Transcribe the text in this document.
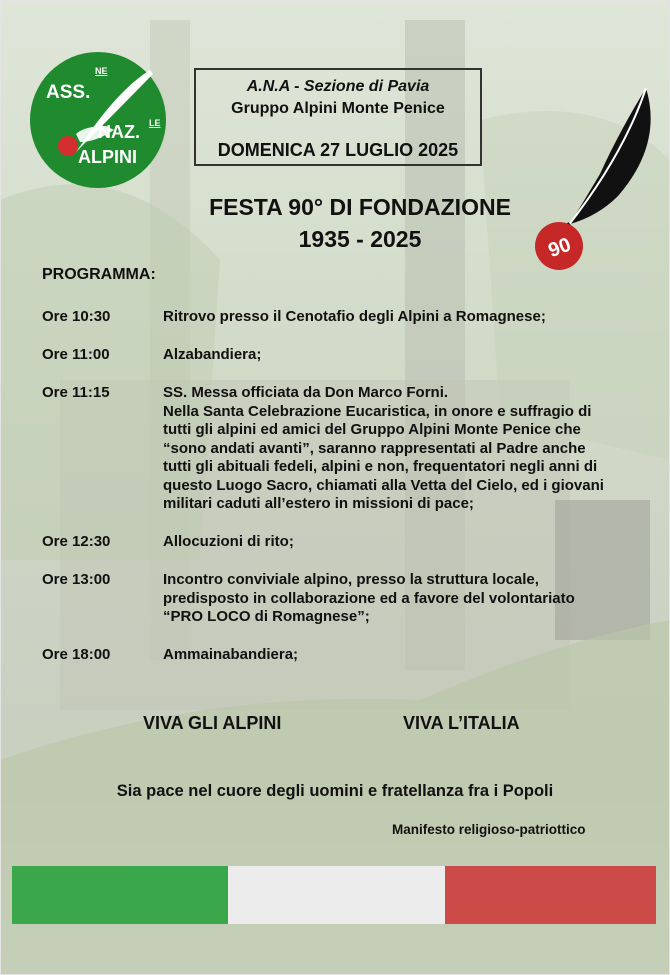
ASS.
NE
NAZ. LE
ALPINI
A.N.A - Sezione di Pavia
Gruppo Alpini Monte Penice
DOMENICA 27 LUGLIO 2025
FESTA 90° DI FONDAZIONE
1935 - 2025	90
PROGRAMMA:
Ore 10:30	Ritrovo presso il Cenotafio degli Alpini a Romagnese;
Ore 11:00	Alzabandiera;
Ore 11:15	SS. Messa officiata da Don Marco Forni.
Nella Santa Celebrazione Eucaristica, in onore e suffragio di
tutti gli alpini ed amici del Gruppo Alpini Monte Penice che
“sono andati avanti”, saranno rappresentati al Padre anche
tutti gli abituali fedeli, alpini e non, frequentatori negli anni di
questo Luogo Sacro, chiamati alla Vetta del Cielo, ed i giovani
militari caduti all’estero in missioni di pace;
Ore 12:30	Allocuzioni di rito;
Ore 13:00	Incontro conviviale alpino, presso la struttura locale,
predisposto in collaborazione ed a favore del volontariato
“PRO LOCO di Romagnese”;
Ore 18:00	Ammainabandiera;
VIVA GLI ALPINI	VIVA L’ITALIA
Sia pace nel cuore degli uomini e fratellanza fra i Popoli
Manifesto religioso-patriottico
